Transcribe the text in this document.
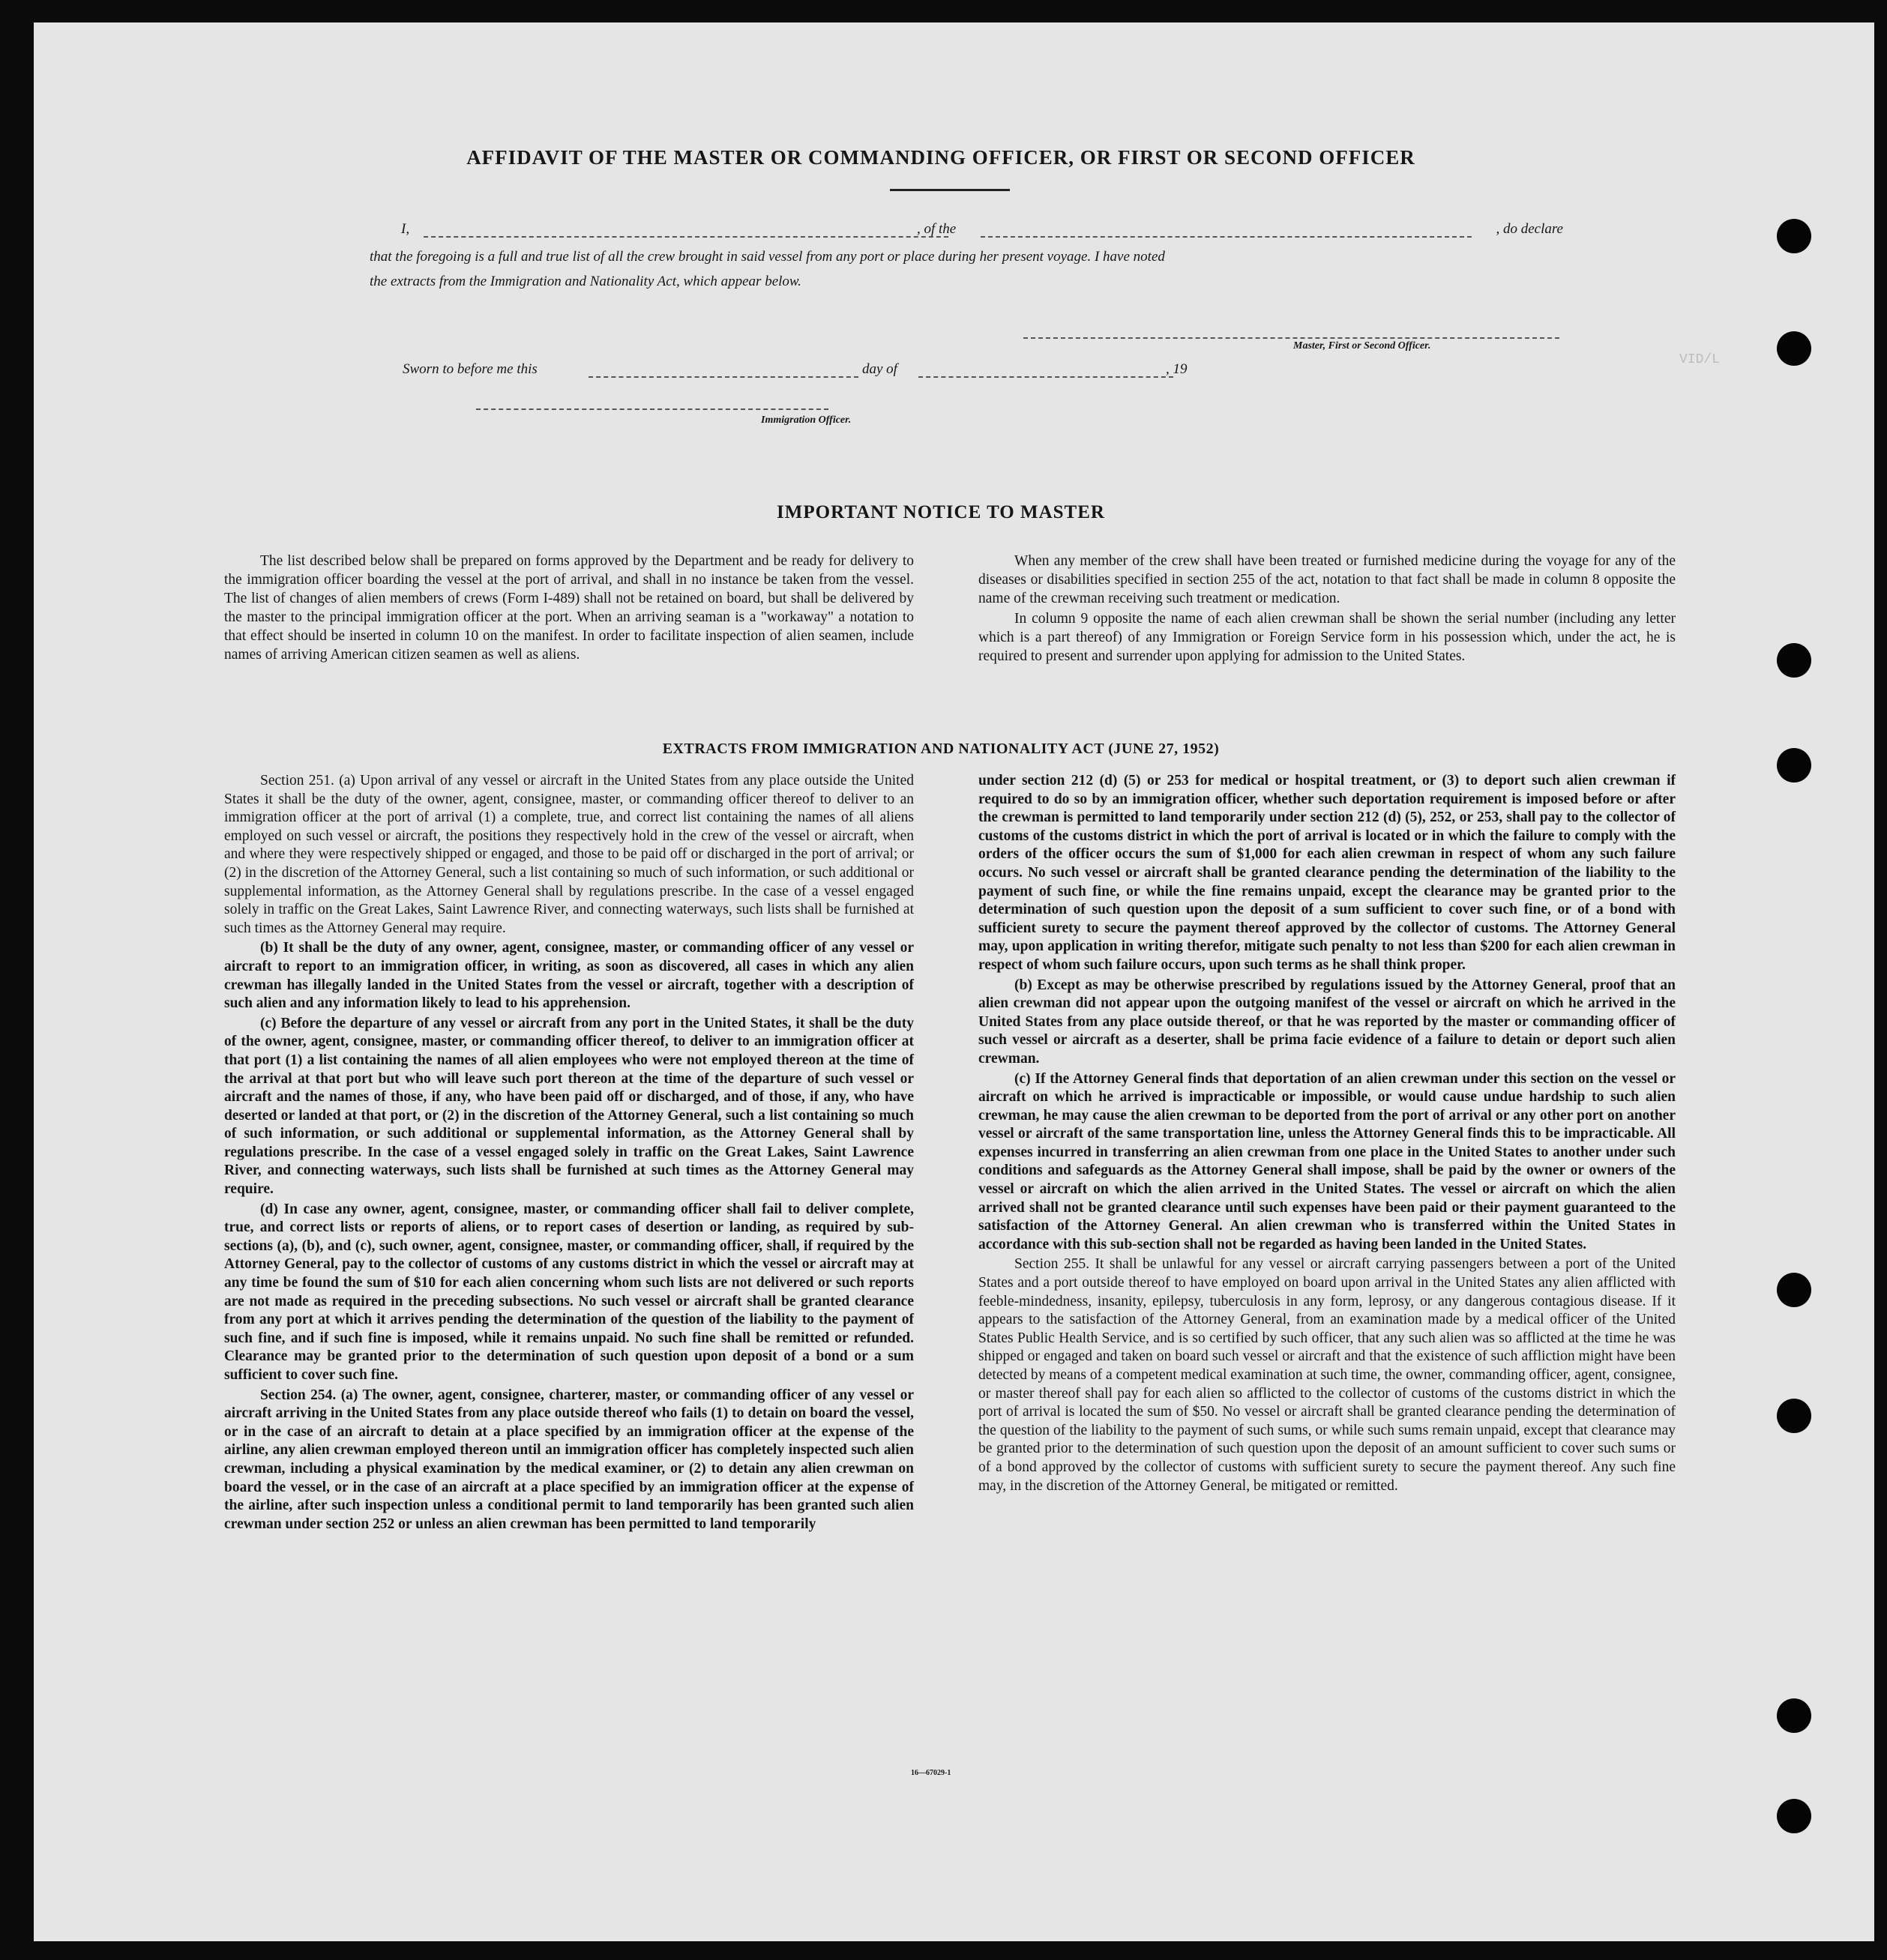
AFFIDAVIT OF THE MASTER OR COMMANDING OFFICER, OR FIRST OR SECOND OFFICER
I,	, of the	, do declare
that the foregoing is a full and true list of all the crew brought in said vessel from any port or place during her present voyage. I have noted
the extracts from the Immigration and Nationality Act, which appear below.
Master, First or Second Officer.
Sworn to before me this	day of	, 19
Immigration Officer.
VID/L
IMPORTANT NOTICE TO MASTER

The list described below shall be prepared on forms approved by the Department and be ready for delivery to the immigration officer boarding the vessel at the port of arrival, and shall in no instance be taken from the vessel. The list of changes of alien members of crews (Form I-489) shall not be retained on board, but shall be delivered by the master to the principal immigration officer at the port. When an arriving seaman is a "workaway" a notation to that effect should be inserted in column 10 on the manifest. In order to facilitate inspection of alien seamen, include names of arriving American citizen seamen as well as aliens.

When any member of the crew shall have been treated or furnished medicine during the voyage for any of the diseases or disabilities specified in section 255 of the act, notation to that fact shall be made in column 8 opposite the name of the crewman receiving such treatment or medication.

In column 9 opposite the name of each alien crewman shall be shown the serial number (including any letter which is a part thereof) of any Immigration or Foreign Service form in his possession which, under the act, he is required to present and surrender upon applying for admission to the United States.

EXTRACTS FROM IMMIGRATION AND NATIONALITY ACT (JUNE 27, 1952)

Section 251. (a) Upon arrival of any vessel or aircraft in the United States from any place outside the United States it shall be the duty of the owner, agent, consignee, master, or commanding officer thereof to deliver to an immigration officer at the port of arrival (1) a complete, true, and correct list containing the names of all aliens employed on such vessel or aircraft, the positions they respectively hold in the crew of the vessel or aircraft, when and where they were respectively shipped or engaged, and those to be paid off or discharged in the port of arrival; or (2) in the discretion of the Attorney General, such a list containing so much of such information, or such additional or supplemental information, as the Attorney General shall by regulations prescribe. In the case of a vessel engaged solely in traffic on the Great Lakes, Saint Lawrence River, and connecting waterways, such lists shall be furnished at such times as the Attorney General may require.

(b) It shall be the duty of any owner, agent, consignee, master, or commanding officer of any vessel or aircraft to report to an immigration officer, in writing, as soon as discovered, all cases in which any alien crewman has illegally landed in the United States from the vessel or aircraft, together with a description of such alien and any information likely to lead to his apprehension.

(c) Before the departure of any vessel or aircraft from any port in the United States, it shall be the duty of the owner, agent, consignee, master, or commanding officer thereof, to deliver to an immigration officer at that port (1) a list containing the names of all alien employees who were not employed thereon at the time of the arrival at that port but who will leave such port thereon at the time of the departure of such vessel or aircraft and the names of those, if any, who have been paid off or discharged, and of those, if any, who have deserted or landed at that port, or (2) in the discretion of the Attorney General, such a list containing so much of such information, or such additional or supplemental information, as the Attorney General shall by regulations prescribe. In the case of a vessel engaged solely in traffic on the Great Lakes, Saint Lawrence River, and connecting waterways, such lists shall be furnished at such times as the Attorney General may require.

(d) In case any owner, agent, consignee, master, or commanding officer shall fail to deliver complete, true, and correct lists or reports of aliens, or to report cases of desertion or landing, as required by sub-sections (a), (b), and (c), such owner, agent, consignee, master, or commanding officer, shall, if required by the Attorney General, pay to the collector of customs of any customs district in which the vessel or aircraft may at any time be found the sum of $10 for each alien concerning whom such lists are not delivered or such reports are not made as required in the preceding subsections. No such vessel or aircraft shall be granted clearance from any port at which it arrives pending the determination of the question of the liability to the payment of such fine, and if such fine is imposed, while it remains unpaid. No such fine shall be remitted or refunded. Clearance may be granted prior to the determination of such question upon deposit of a bond or a sum sufficient to cover such fine.

Section 254. (a) The owner, agent, consignee, charterer, master, or commanding officer of any vessel or aircraft arriving in the United States from any place outside thereof who fails (1) to detain on board the vessel, or in the case of an aircraft to detain at a place specified by an immigration officer at the expense of the airline, any alien crewman employed thereon until an immigration officer has completely inspected such alien crewman, including a physical examination by the medical examiner, or (2) to detain any alien crewman on board the vessel, or in the case of an aircraft at a place specified by an immigration officer at the expense of the airline, after such inspection unless a conditional permit to land temporarily has been granted such alien crewman under section 252 or unless an alien crewman has been permitted to land temporarily

under section 212 (d) (5) or 253 for medical or hospital treatment, or (3) to deport such alien crewman if required to do so by an immigration officer, whether such deportation requirement is imposed before or after the crewman is permitted to land temporarily under section 212 (d) (5), 252, or 253, shall pay to the collector of customs of the customs district in which the port of arrival is located or in which the failure to comply with the orders of the officer occurs the sum of $1,000 for each alien crewman in respect of whom any such failure occurs. No such vessel or aircraft shall be granted clearance pending the determination of the liability to the payment of such fine, or while the fine remains unpaid, except the clearance may be granted prior to the determination of such question upon the deposit of a sum sufficient to cover such fine, or of a bond with sufficient surety to secure the payment thereof approved by the collector of customs. The Attorney General may, upon application in writing therefor, mitigate such penalty to not less than $200 for each alien crewman in respect of whom such failure occurs, upon such terms as he shall think proper.

(b) Except as may be otherwise prescribed by regulations issued by the Attorney General, proof that an alien crewman did not appear upon the outgoing manifest of the vessel or aircraft on which he arrived in the United States from any place outside thereof, or that he was reported by the master or commanding officer of such vessel or aircraft as a deserter, shall be prima facie evidence of a failure to detain or deport such alien crewman.

(c) If the Attorney General finds that deportation of an alien crewman under this section on the vessel or aircraft on which he arrived is impracticable or impossible, or would cause undue hardship to such alien crewman, he may cause the alien crewman to be deported from the port of arrival or any other port on another vessel or aircraft of the same transportation line, unless the Attorney General finds this to be impracticable. All expenses incurred in transferring an alien crewman from one place in the United States to another under such conditions and safeguards as the Attorney General shall impose, shall be paid by the owner or owners of the vessel or aircraft on which the alien arrived in the United States. The vessel or aircraft on which the alien arrived shall not be granted clearance until such expenses have been paid or their payment guaranteed to the satisfaction of the Attorney General. An alien crewman who is transferred within the United States in accordance with this sub-section shall not be regarded as having been landed in the United States.

Section 255. It shall be unlawful for any vessel or aircraft carrying passengers between a port of the United States and a port outside thereof to have employed on board upon arrival in the United States any alien afflicted with feeble-mindedness, insanity, epilepsy, tuberculosis in any form, leprosy, or any dangerous contagious disease. If it appears to the satisfaction of the Attorney General, from an examination made by a medical officer of the United States Public Health Service, and is so certified by such officer, that any such alien was so afflicted at the time he was shipped or engaged and taken on board such vessel or aircraft and that the existence of such affliction might have been detected by means of a competent medical examination at such time, the owner, commanding officer, agent, consignee, or master thereof shall pay for each alien so afflicted to the collector of customs of the customs district in which the port of arrival is located the sum of $50. No vessel or aircraft shall be granted clearance pending the determination of the question of the liability to the payment of such sums, or while such sums remain unpaid, except that clearance may be granted prior to the determination of such question upon the deposit of an amount sufficient to cover such sums or of a bond approved by the collector of customs with sufficient surety to secure the payment thereof. Any such fine may, in the discretion of the Attorney General, be mitigated or remitted.

16—67029-1
